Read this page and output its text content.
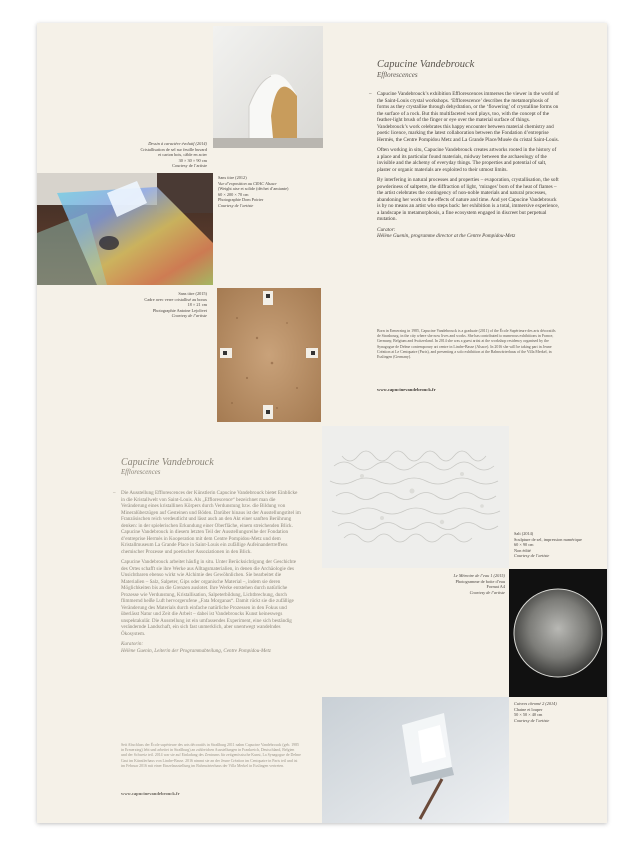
Dessin à caractère évolutif (2014)
Cristallisation de sel sur feuille buvard
et carton bois, câble en acier
30 × 30 × 90 cm
Courtesy de l’artiste
Sans titre (2012)
Vue d’exposition au CRAC Alsace
(Weight aise et solide (déchet d’amiante)
60 × 200 × 70 cm
Photographie Dom Poirier
Courtesy de l’artiste
Sans titre (2015)
Cadre avec verre cristallisé au borax
18 × 21 cm
Photographie Antoine Lejolivet
Courtesy de l’artiste
Capucine Vandebrouck
Efflorescences
– Capucine Vandebrouck’s exhibition Efflorescences immerses the viewer in the world of the Saint-Louis crystal workshops. ‘Efflorescence’ describes the metamorphosis of forms as they crystallise through dehydration, or the ‘flowering’ of crystalline forms on the surface of a rock. But this multifaceted word plays, too, with the concept of the feather-light brush of the finger or eye over the material surface of things. Vandebrouck’s work celebrates this happy encounter between material chemistry and poetic licence, marking the latest collaboration between the Fondation d’entreprise Hermès, the Centre Pompidou Metz and La Grande Place/Musée du cristal Saint-Louis.

Often working in situ, Capucine Vandebrouck creates artworks rooted in the history of a place and its particular found materials, midway between the archaeology of the invisible and the alchemy of everyday things. The properties and potential of salt, plaster or organic materials are exploited to their utmost limits.

By interfering in natural processes and properties – evaporation, crystallisation, the soft powderiness of saltpetre, the diffraction of light, ‘mirages’ born of the heat of flames – the artist celebrates the contingency of non-noble materials and natural processes, abandoning her work to the effects of nature and time. And yet Capucine Vandebrouck is by no means an artist who steps back: her exhibition is a total, immersive experience, a landscape in metamorphosis, a fine ecosystem engaged in discreet but perpetual mutation.

Curator:

Hélène Guenin, programme director at the Centre Pompidou-Metz

Born in Ermerzing in 1985, Capucine Vandebrouck is a graduate (2011) of the École Supérieure des arts décoratifs de Strasbourg, in the city where she now lives and works. She has contributed to numerous exhibitions in France, Germany, Belgium and Switzerland. In 2014 she was a guest artist at the workshop residency organised by the Synagogue de Delme contemporary art centre in Lindre-Basse (Alsace). In 2016 she will be taking part in Jeune Création at Le Centquatre (Paris), and presenting a solo exhibition at the Bahnwärterhaus of the Villa Merkel, in Esslingen (Germany).
www.capucinevandebrouck.fr
Salt (2014)
Sculpture de sel, impression numérique
60 × 90 cm
Non édité
Courtesy de l’artiste
Le Mémoire de l’eau 1 (2015)
Photogramme de boite d’eau
Format A4
Courtesy de l’artiste
Cuivres chromé 2 (2014)
Chaine et louper
50 × 50 × 40 cm
Courtesy de l’artiste
Capucine Vandebrouck
Efflorescences
– Die Ausstellung Efflorescences der Künstlerin Capucine Vandebrouck bietet Einblicke in die Kristallwelt von Saint-Louis. Als „Efflorescence“ bezeichnet man die Veränderung eines kristallinen Körpers durch Verdunstung bzw. die Bildung von Mineralüberzügen auf Gesteinen und Böden. Darüber hinaus ist der Ausstellungstitel im Französischen reich verdeutlicht und lässt auch an den Akt einer sanften Berührung denken: in der spielerischen Erkundung einer Oberfläche, einem streichenden Blick. Capucine Vandebrouck in diesem letzten Teil der Ausstellungsreihe der Fondation d’entreprise Hermès in Kooperation mit dem Centre Pompidou-Metz und dem Kristallmuseum La Grande Place in Saint-Louis ein zufällige Aufeinandertreffens chemischer Prozesse und poetischer Assoziationen in den Blick.

Capucine Vandebrouck arbeitet häufig in situ. Unter Berücksichtigung der Geschichte des Ortes schafft sie ihre Werke aus Alltagsmaterialien, in denen die Archäologie des Unsichtbaren ebenso wirkt wie Alchimie des Gewöhnlichen. Sie bearbeitet die Materialien – Salz, Salpeter, Gips oder organische Material –, indem sie deren Möglichkeiten bis an die Grenzen auslotet. Ihre Werke entstehen durch natürliche Prozesse wie Verdunstung, Kristallisation, Salpeterbildung, Lichtbrechung, durch flimmernd heiße Luft hervorgerufene „Fata Morganas“. Damit rückt sie die zufällige Veränderung des Materials durch einfache natürliche Prozessen in den Fokus und überlässt Natur und Zeit die Arbeit – dabei ist Vandebroucks Kunst keineswegs unspektakulär. Die Ausstellung ist ein umfassendes Experiment, eine sich beständig verändernde Landschaft, ein sich fast unmerklich, aber unentwegt wandelndes Ökosystem.

Kuratorin:

Hélène Guenin, Leiterin der Programmabteilung, Centre Pompidou-Metz

Seit Abschluss der École supérieure des arts décoratifs in Straßburg 2011 nahm Capucine Vandebrouck (geb. 1985 in Ermerzing) lebt und arbeitet in Straßburg) an zahlreichen Ausstellungen in Frankreich, Deutschland, Belgien und der Schweiz teil. 2014 war sie auf Einladung des Zentrums für zeitgenössische Kunst, La Synagogue de Delme Gast im Künstlerhaus von Lindre-Basse. 2016 nimmt sie an der Jeune Création im Centquatre in Paris teil und ist im Februar 2016 mit einer Einzelausstellung im Bahnwärterhaus der Villa Merkel in Esslingen vertreten.
www.capucinevandebrouck.fr
